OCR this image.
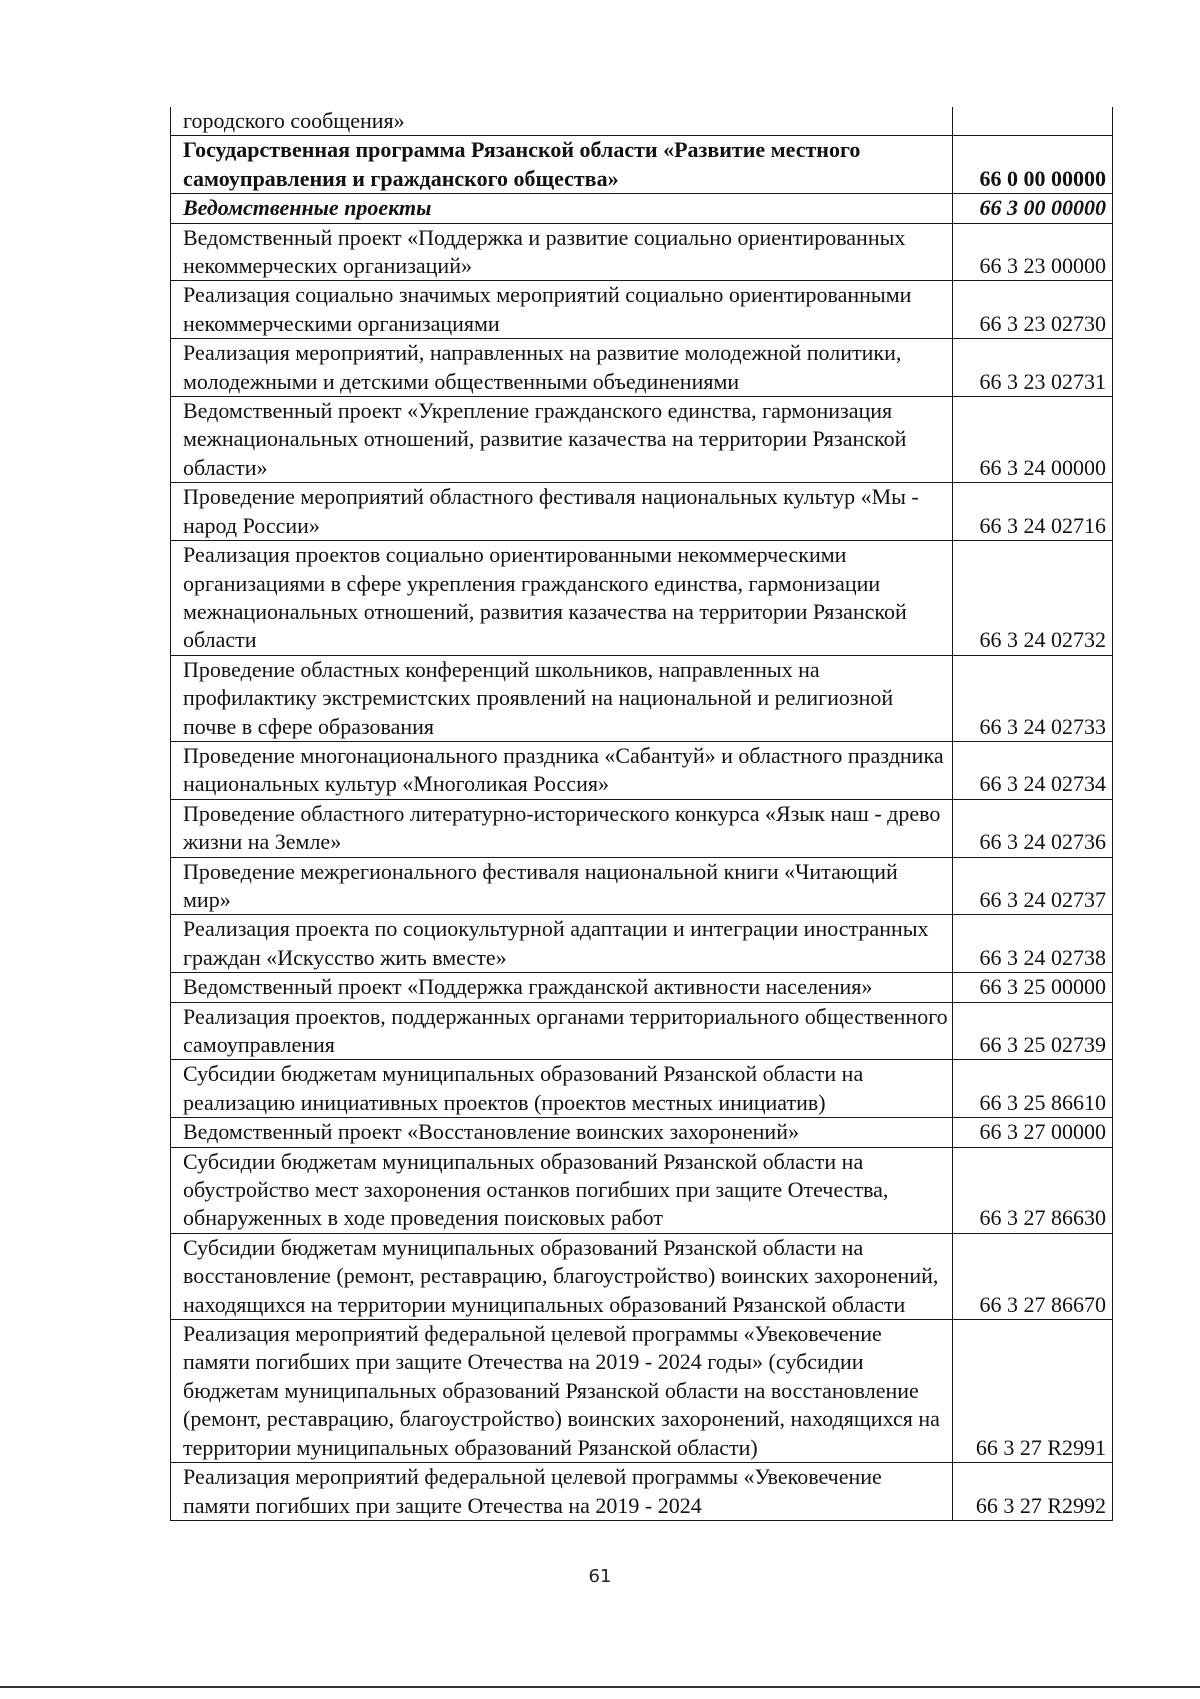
городского сообщения»	
Государственная программа Рязанской области «Развитие местного самоуправления и гражданского общества»	66 0 00 00000
Ведомственные проекты	66 3 00 00000
Ведомственный проект «Поддержка и развитие социально ориентированных некоммерческих организаций»	66 3 23 00000
Реализация социально значимых мероприятий социально ориентированными некоммерческими организациями	66 3 23 02730
Реализация мероприятий, направленных на развитие молодежной политики, молодежными и детскими общественными объединениями	66 3 23 02731
Ведомственный проект «Укрепление гражданского единства, гармонизация межнациональных отношений, развитие казачества на территории Рязанской области»	66 3 24 00000
Проведение мероприятий областного фестиваля национальных культур «Мы - народ России»	66 3 24 02716
Реализация проектов социально ориентированными некоммерческими организациями в сфере укрепления гражданского единства, гармонизации межнациональных отношений, развития казачества на территории Рязанской области	66 3 24 02732
Проведение областных конференций школьников, направленных на профилактику экстремистских проявлений на национальной и религиозной почве в сфере образования	66 3 24 02733
Проведение многонационального праздника «Сабантуй» и областного праздника национальных культур «Многоликая Россия»	66 3 24 02734
Проведение областного литературно-исторического конкурса «Язык наш - древо жизни на Земле»	66 3 24 02736
Проведение межрегионального фестиваля национальной книги «Читающий мир»	66 3 24 02737
Реализация проекта по социокультурной адаптации и интеграции иностранных граждан «Искусство жить вместе»	66 3 24 02738
Ведомственный проект «Поддержка гражданской активности населения»	66 3 25 00000
Реализация проектов, поддержанных органами территориального общественного самоуправления	66 3 25 02739
Субсидии бюджетам муниципальных образований Рязанской области на реализацию инициативных проектов (проектов местных инициатив)	66 3 25 86610
Ведомственный проект «Восстановление воинских захоронений»	66 3 27 00000
Субсидии бюджетам муниципальных образований Рязанской области на обустройство мест захоронения останков погибших при защите Отечества, обнаруженных в ходе проведения поисковых работ	66 3 27 86630
Субсидии бюджетам муниципальных образований Рязанской области на восстановление (ремонт, реставрацию, благоустройство) воинских захоронений, находящихся на территории муниципальных образований Рязанской области	66 3 27 86670
Реализация мероприятий федеральной целевой программы «Увековечение памяти погибших при защите Отечества на 2019 - 2024 годы» (субсидии бюджетам муниципальных образований Рязанской области на восстановление (ремонт, реставрацию, благоустройство) воинских захоронений, находящихся на территории муниципальных образований Рязанской области)	66 3 27 R2991
Реализация мероприятий федеральной целевой программы «Увековечение памяти погибших при защите Отечества на 2019 - 2024	66 3 27 R2992
61
